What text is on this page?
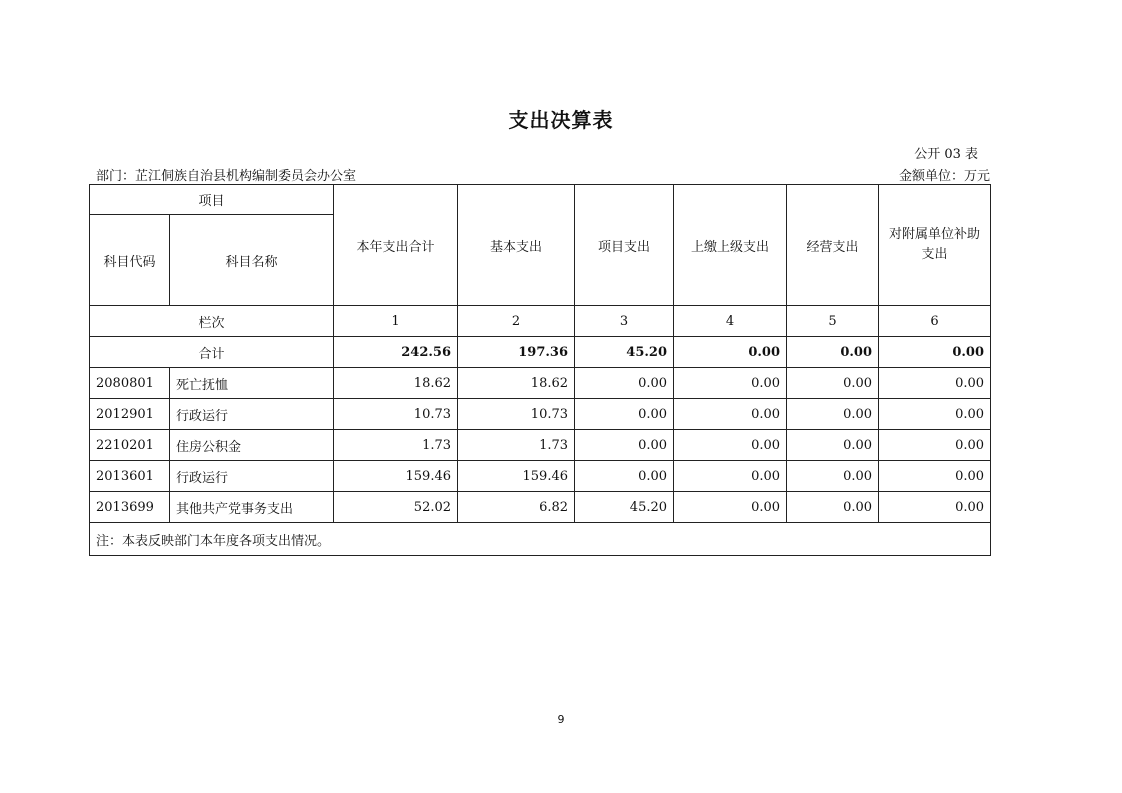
支出决算表
公开 03 表
部门：芷江侗族自治县机构编制委员会办公室	金额单位：万元
项目		本年支出合计	基本支出	项目支出	上缴上级支出	经营支出	对附属单位补助支出
科目代码	科目名称						
栏次		1	2	3	4	5	6
合计		242.56	197.36	45.20	0.00	0.00	0.00
2080801	死亡抚恤	18.62	18.62	0.00	0.00	0.00	0.00
2012901	行政运行	10.73	10.73	0.00	0.00	0.00	0.00
2210201	住房公积金	1.73	1.73	0.00	0.00	0.00	0.00
2013601	行政运行	159.46	159.46	0.00	0.00	0.00	0.00
2013699	其他共产党事务支出	52.02	6.82	45.20	0.00	0.00	0.00
注：本表反映部门本年度各项支出情况。							
9
